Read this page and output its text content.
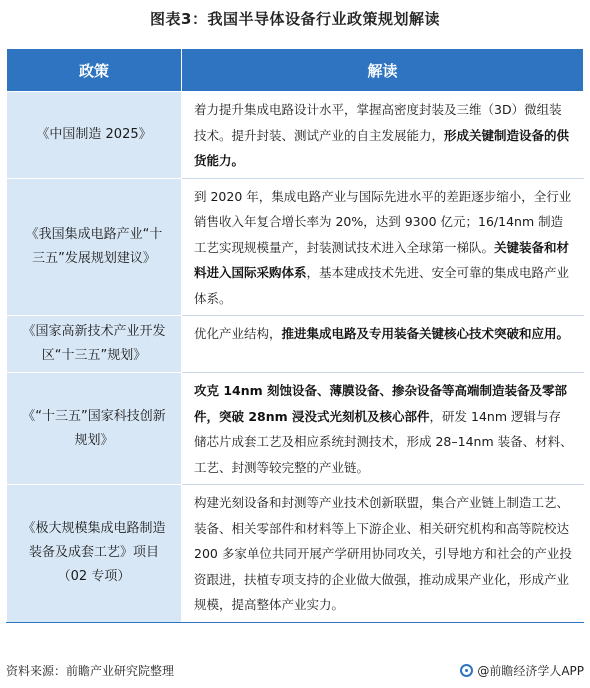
图表3：我国半导体设备行业政策规划解读
政策	解读
《中国制造 2025》	着力提升集成电路设计水平，掌握高密度封装及三维（3D）微组装技术。提升封装、测试产业的自主发展能力，形成关键制造设备的供货能力。
《我国集成电路产业“十三五”发展规划建议》	到 2020 年，集成电路产业与国际先进水平的差距逐步缩小，全行业销售收入年复合增长率为 20%，达到 9300 亿元；16/14nm 制造工艺实现规模量产，封装测试技术进入全球第一梯队。关键装备和材料进入国际采购体系，基本建成技术先进、安全可靠的集成电路产业体系。
《国家高新技术产业开发区“十三五”规划》	优化产业结构，推进集成电路及专用装备关键核心技术突破和应用。
《“十三五”国家科技创新规划》	攻克 14nm 刻蚀设备、薄膜设备、掺杂设备等高端制造装备及零部件，突破 28nm 浸没式光刻机及核心部件，研发 14nm 逻辑与存储芯片成套工艺及相应系统封测技术，形成 28–14nm 装备、材料、工艺、封测等较完整的产业链。
《极大规模集成电路制造装备及成套工艺》项目（02 专项）	构建光刻设备和封测等产业技术创新联盟，集合产业链上制造工艺、装备、相关零部件和材料等上下游企业、相关研究机构和高等院校达 200 多家单位共同开展产学研用协同攻关，引导地方和社会的产业投资跟进，扶植专项支持的企业做大做强，推动成果产业化，形成产业规模，提高整体产业实力。
资料来源：前瞻产业研究院整理	@前瞻经济学人APP
